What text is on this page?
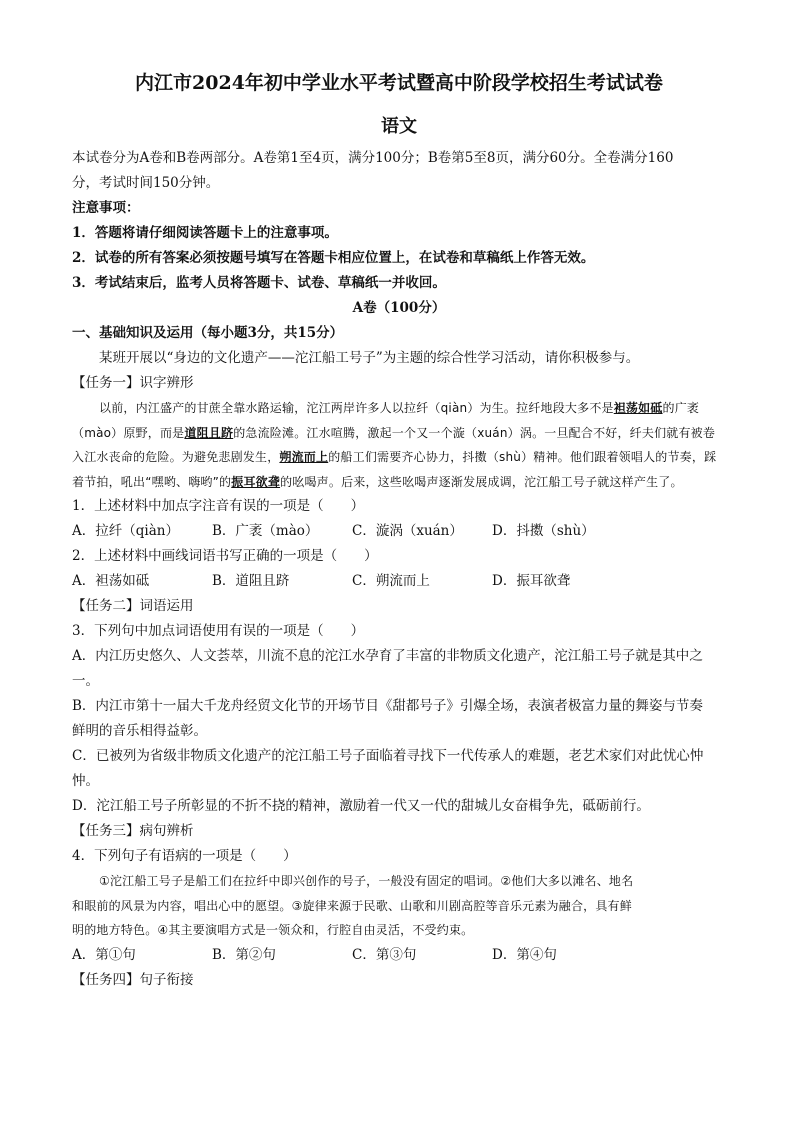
内江市2024年初中学业水平考试暨高中阶段学校招生考试试卷
语文

本试卷分为A卷和B卷两部分。A卷第1至4页，满分100分；B卷第5至8页，满分60分。全卷满分160

分，考试时间150分钟。

注意事项：

1．答题将请仔细阅读答题卡上的注意事项。

2．试卷的所有答案必须按题号填写在答题卡相应位置上，在试卷和草稿纸上作答无效。

3．考试结束后，监考人员将答题卡、试卷、草稿纸一并收回。

A卷（100分）

一、基础知识及运用（每小题3分，共15分）

某班开展以“身边的文化遗产——沱江船工号子”为主题的综合性学习活动，请你积极参与。

【任务一】识字辨形

以前，内江盛产的甘蔗全靠水路运输，沱江两岸许多人以拉纤（qiàn）为生。拉纤地段大多不是袒荡如砥的广袤（mào）原野，而是道阻且跻的急流险滩。江水喧腾，激起一个又一个漩（xuán）涡。一旦配合不好，纤夫们就有被卷入江水丧命的危险。为避免悲剧发生，朔流而上的船工们需要齐心协力，抖擞（shù）精神。他们跟着领唱人的节奏，踩着节拍，吼出“嘿哟、嗨哟”的振耳欲聋的吆喝声。后来，这些吆喝声逐渐发展成调，沱江船工号子就这样产生了。

1．上述材料中加点字注音有误的一项是（　　）

A．拉纤（qiàn）	B．广袤（mào）	C．漩涡（xuán）	D．抖擞（shù）

2．上述材料中画线词语书写正确的一项是（　　）

A．袒荡如砥	B．道阻且跻	C．朔流而上	D．振耳欲聋

【任务二】词语运用

3．下列句中加点词语使用有误的一项是（　　）

A．内江历史悠久、人文荟萃，川流不息的沱江水孕育了丰富的非物质文化遗产，沱江船工号子就是其中之

一。

B．内江市第十一届大千龙舟经贸文化节的开场节目《甜都号子》引爆全场，表演者极富力量的舞姿与节奏

鲜明的音乐相得益彰。

C．已被列为省级非物质文化遗产的沱江船工号子面临着寻找下一代传承人的难题，老艺术家们对此忧心忡

忡。

D．沱江船工号子所彰显的不折不挠的精神，激励着一代又一代的甜城儿女奋楫争先，砥砺前行。

【任务三】病句辨析

4．下列句子有语病的一项是（　　）

①沱江船工号子是船工们在拉纤中即兴创作的号子，一般没有固定的唱词。②他们大多以滩名、地名

和眼前的风景为内容，唱出心中的愿望。③旋律来源于民歌、山歌和川剧高腔等音乐元素为融合，具有鲜

明的地方特色。④其主要演唱方式是一领众和，行腔自由灵活，不受约束。

A．第①句	B．第②句	C．第③句	D．第④句

【任务四】句子衔接
